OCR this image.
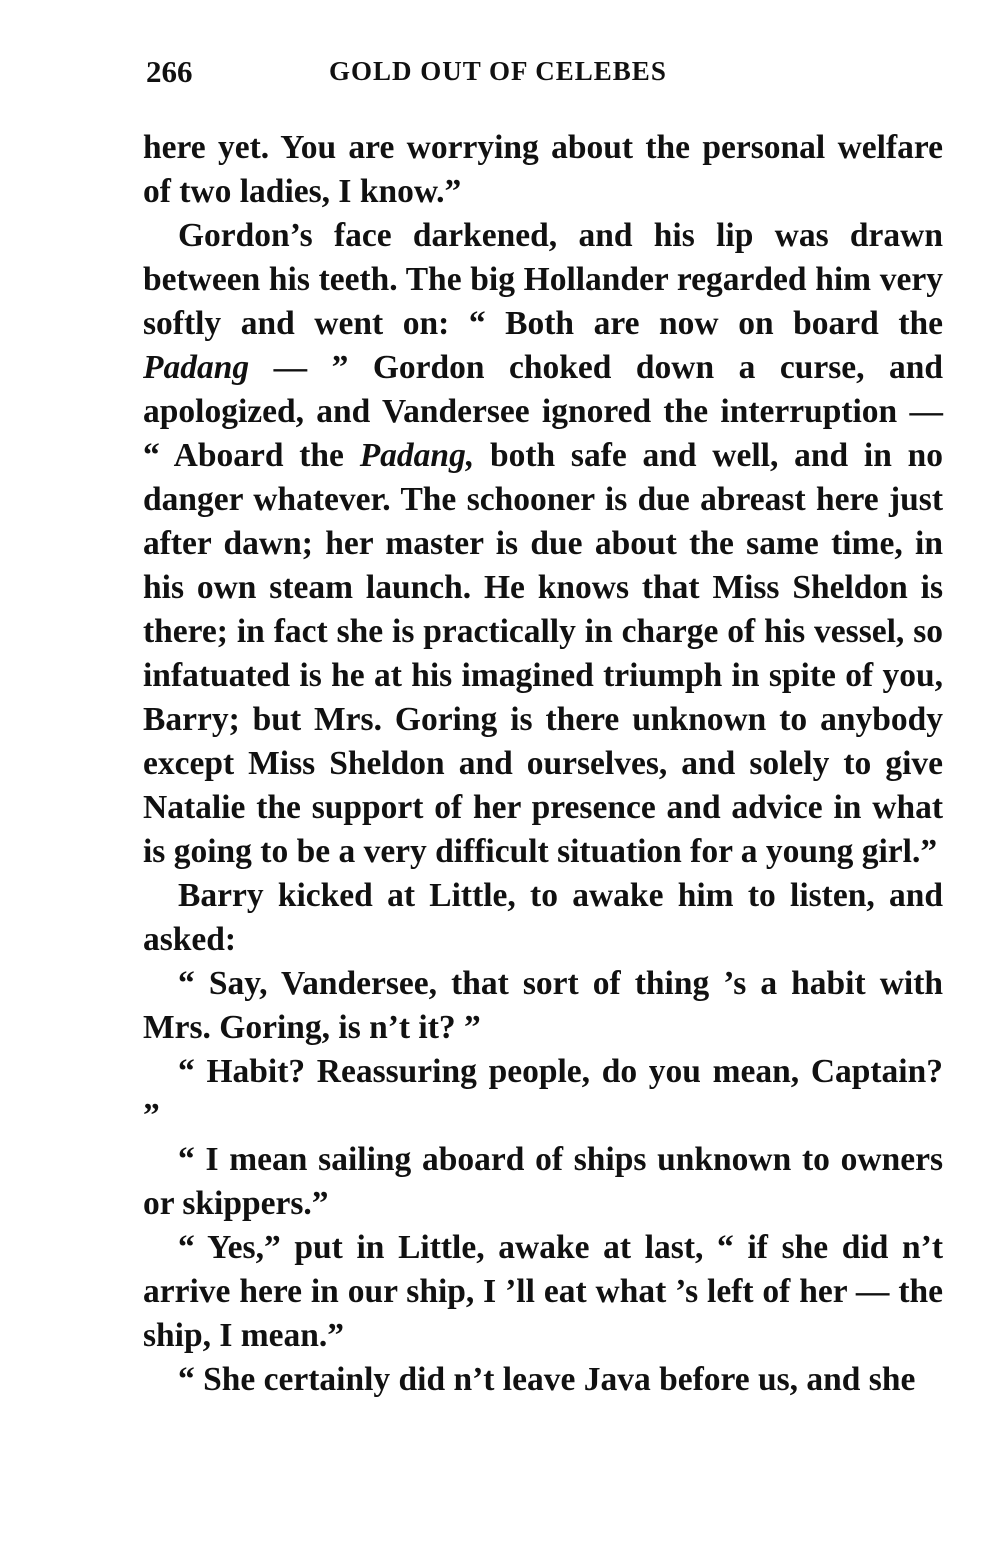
266	GOLD OUT OF CELEBES

here yet. You are worrying about the personal welfare of two ladies, I know.”

Gordon’s face darkened, and his lip was drawn between his teeth. The big Hollander regarded him very softly and went on: “ Both are now on board the Padang — ” Gordon choked down a curse, and apologized, and Vandersee ignored the interruption — “ Aboard the Padang, both safe and well, and in no danger whatever. The schooner is due abreast here just after dawn; her master is due about the same time, in his own steam launch. He knows that Miss Sheldon is there; in fact she is practically in charge of his vessel, so infatuated is he at his imagined triumph in spite of you, Barry; but Mrs. Goring is there unknown to anybody except Miss Sheldon and ourselves, and solely to give Natalie the support of her presence and advice in what is going to be a very difficult situation for a young girl.”

Barry kicked at Little, to awake him to listen, and asked:

“ Say, Vandersee, that sort of thing ’s a habit with Mrs. Goring, is n’t it? ”

“ Habit? Reassuring people, do you mean, Captain? ”

“ I mean sailing aboard of ships unknown to owners or skippers.”

“ Yes,” put in Little, awake at last, “ if she did n’t arrive here in our ship, I ’ll eat what ’s left of her — the ship, I mean.”

“ She certainly did n’t leave Java before us, and she
